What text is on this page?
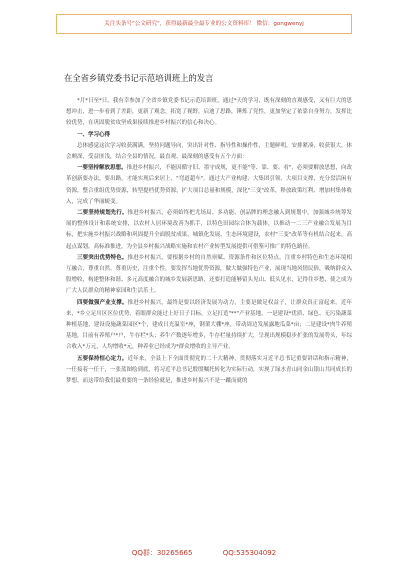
关注头条号"公文研究"，获得最新最全最专业的公文资料库！ 微信：gongwenyj
在全省乡镇党委书记示范培训班上的发言

*月*日至*日，我有幸参加了全省乡镇党委书记示范培训班，通过*天的学习，既有深刻的直观感受，又有巨大的思想冲击，进一步看到了差距，更新了观念，拓宽了视野，启迪了思路，锤炼了党性，更加坚定了依靠自身努力，发挥比较优势，在巩固脱贫攻坚成果接续推进乡村振兴的信心和决心。

一、学习心得

总体感觉这次学习收获满满，坚持问题导向，突出针对性、指导性和操作性，主题鲜明，安排紧凑，收获很大，体会颇深，受益匪浅，结合全县的情况，最直观、最深刻的感受有五个方面：

一要坚持解放思想。推进乡村振兴，不能因循守旧、墨守成规，更不能"等、靠、要、看"，必须要解放思想，向改革创新要办法，要出路，才能实现后来居上、"弯道超车"。通过大产业构建、大集团引领、大项目支撑，充分盘活闲有资源，整合重组优势资源，转型提档优势资源，扩大项目总量和规模，深化"三变"改革，释放政策红利、增加村集体收入，完成了华丽蜕变。

二要坚持规划先行。推进乡村振兴，必须始终把尤场局、多功能、创品牌的理念融入到规划中，加强城乡统筹发展的整体设计和系统安排，以农村人居环境改善为抓手，以特色田园综合体为载体，以推动一二三产业融合发展为目标，把实施乡村振兴战略和巩固提升全面脱贫成果、城镇化发展、生态环境建设，农村"三变"改革等有机结合起来，高起点谋划，高标准推进，为全县乡村振兴战略实施和农村产业转型发展提供可借鉴可推广的特色路径。

三要突出优势特色。推进乡村振兴，要根据乡村的自然禀赋、资源条件和区位特点，注重乡村特色和生态环境相互融合，尊重自然、尊重历史，注重个性，要发挥当地优势资源，做大做强特色产业，展现当地风情民俗，吸纳群众入股增收，构建整体和谐、多元高度融合的城乡发展新思路，还要打造能够留头见山、低头见水，记得住乡愁，使之成为广大人民群众的精神家园和生活乐土。

四要做强产业支撑。推进乡村振兴，最终是要以经济发展为动力，主要是做足权益子，让群众真正富起来。近年来，*乡立足川区区位优势，着眼群众能过上好日子目标，立足打造"**"产业基地，一是建设*优质、绿色、无污染蔬菜种植基地，建设设施蔬菜园区*个，建成日光温室*座，钢架大棚*座，带动周边发展露地瓜菜*亩；二是建设*肉牛养殖基地，目前有养殖户*户，牛存栏*头；养牛产数逐年增多，牛存栏量持续扩大，呈现出规模稳步扩张的发展势头，年综合收入*万元，人均增收*元，种养业已经成为*群众增收的主导产业。

五要保持恒心定力。近年来，全县上下全面贯彻党的二十大精神，贯彻落实习近平总书记重要讲话和指示精神，一任接着一任干，一张蓝图绘到底，将习近平总书记殷殷嘱托转化为实际行动，实现了绿水青山同金山银山共同成长的梦想。而这带给我们最重要的一条经验就是，推进乡村振兴不是一蹴而就的

QQ群：30265665	QQ:535304092
